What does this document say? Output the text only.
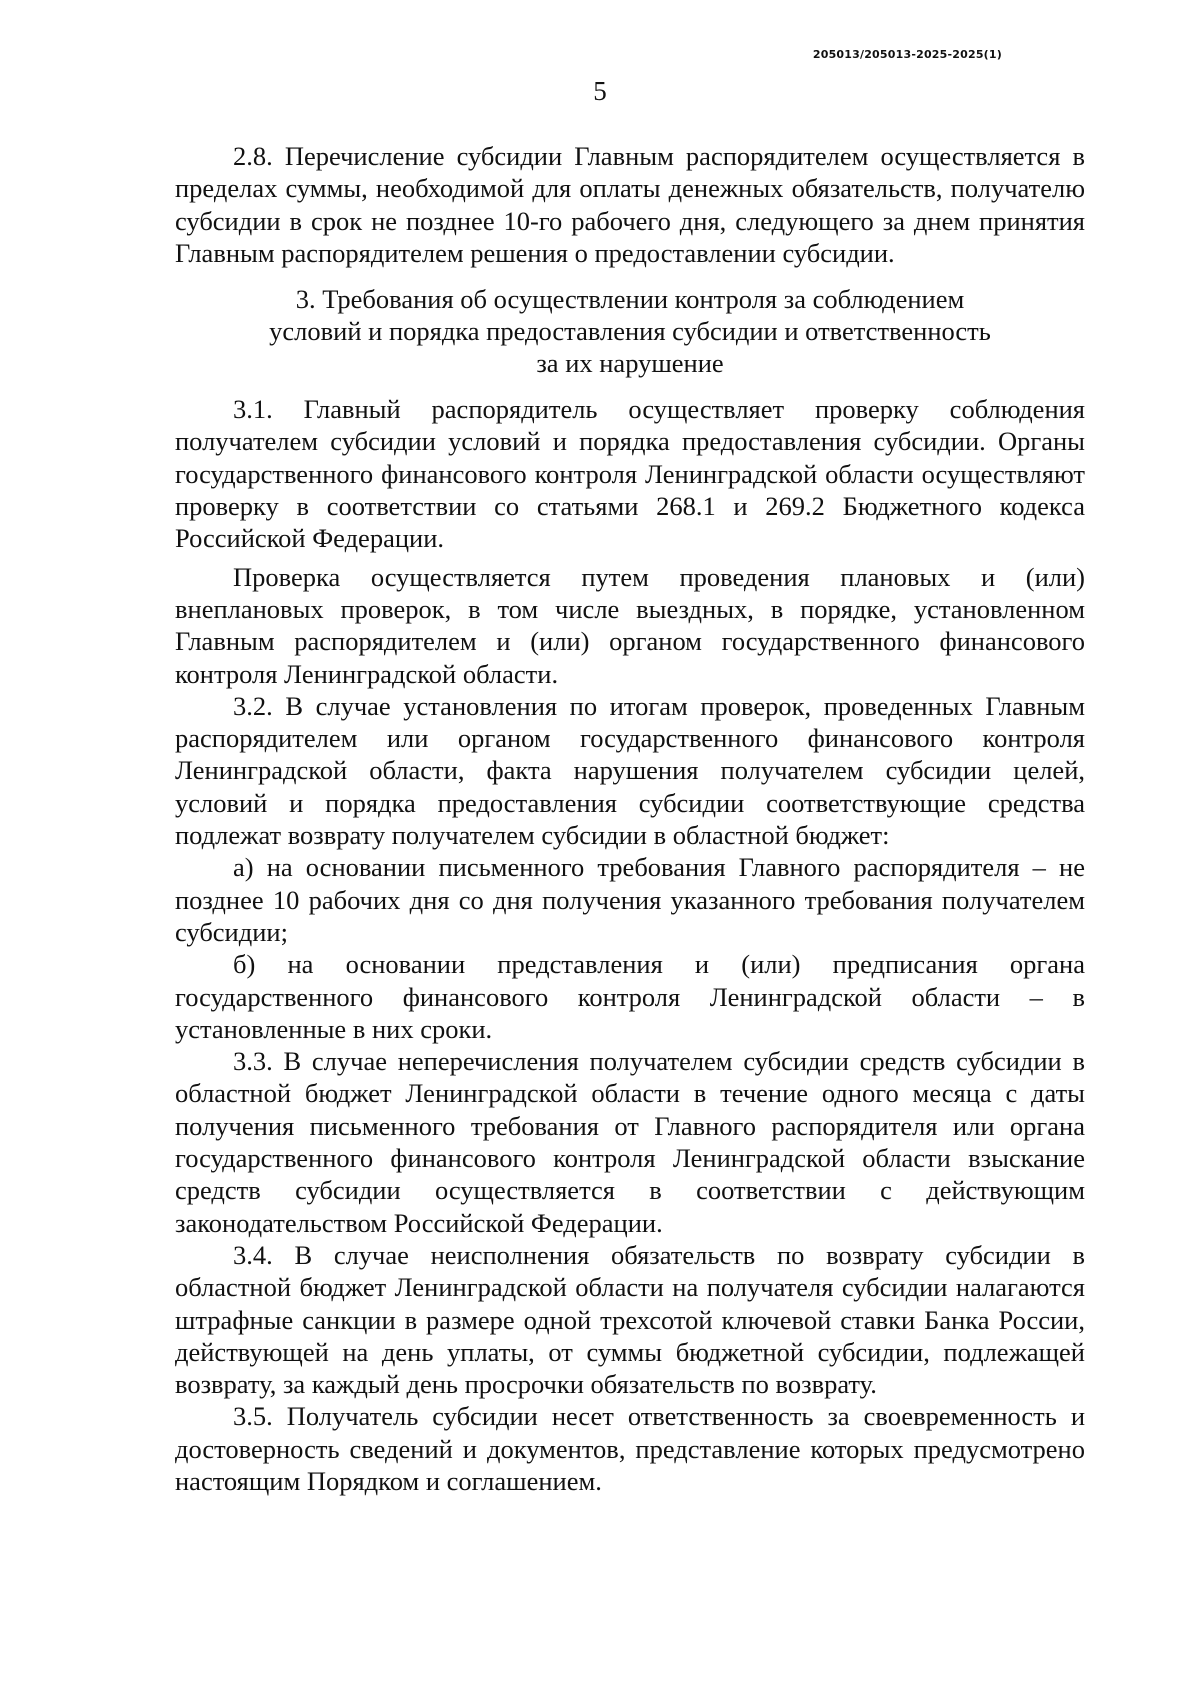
205013/205013-2025-2025(1)
5

2.8. Перечисление субсидии Главным распорядителем осуществляется в пределах суммы, необходимой для оплаты денежных обязательств, получателю субсидии в срок не позднее 10-го рабочего дня, следующего за днем принятия Главным распорядителем решения о предоставлении субсидии.

3. Требования об осуществлении контроля за соблюдением
условий и порядка предоставления субсидии и ответственность
за их нарушение

3.1. Главный распорядитель осуществляет проверку соблюдения получателем субсидии условий и порядка предоставления субсидии. Органы государственного финансового контроля Ленинградской области осуществляют проверку в соответствии со статьями 268.1 и 269.2 Бюджетного кодекса Российской Федерации.

Проверка осуществляется путем проведения плановых и (или) внеплановых проверок, в том числе выездных, в порядке, установленном Главным распорядителем и (или) органом государственного финансового контроля Ленинградской области.

3.2. В случае установления по итогам проверок, проведенных Главным распорядителем или органом государственного финансового контроля Ленинградской области, факта нарушения получателем субсидии целей, условий и порядка предоставления субсидии соответствующие средства подлежат возврату получателем субсидии в областной бюджет:

а) на основании письменного требования Главного распорядителя – не позднее 10 рабочих дня со дня получения указанного требования получателем субсидии;

б) на основании представления и (или) предписания органа государственного финансового контроля Ленинградской области – в установленные в них сроки.

3.3. В случае неперечисления получателем субсидии средств субсидии в областной бюджет Ленинградской области в течение одного месяца с даты получения письменного требования от Главного распорядителя или органа государственного финансового контроля Ленинградской области взыскание средств субсидии осуществляется в соответствии с действующим законодательством Российской Федерации.

3.4. В случае неисполнения обязательств по возврату субсидии в областной бюджет Ленинградской области на получателя субсидии налагаются штрафные санкции в размере одной трехсотой ключевой ставки Банка России, действующей на день уплаты, от суммы бюджетной субсидии, подлежащей возврату, за каждый день просрочки обязательств по возврату.

3.5. Получатель субсидии несет ответственность за своевременность и достоверность сведений и документов, представление которых предусмотрено настоящим Порядком и соглашением.
